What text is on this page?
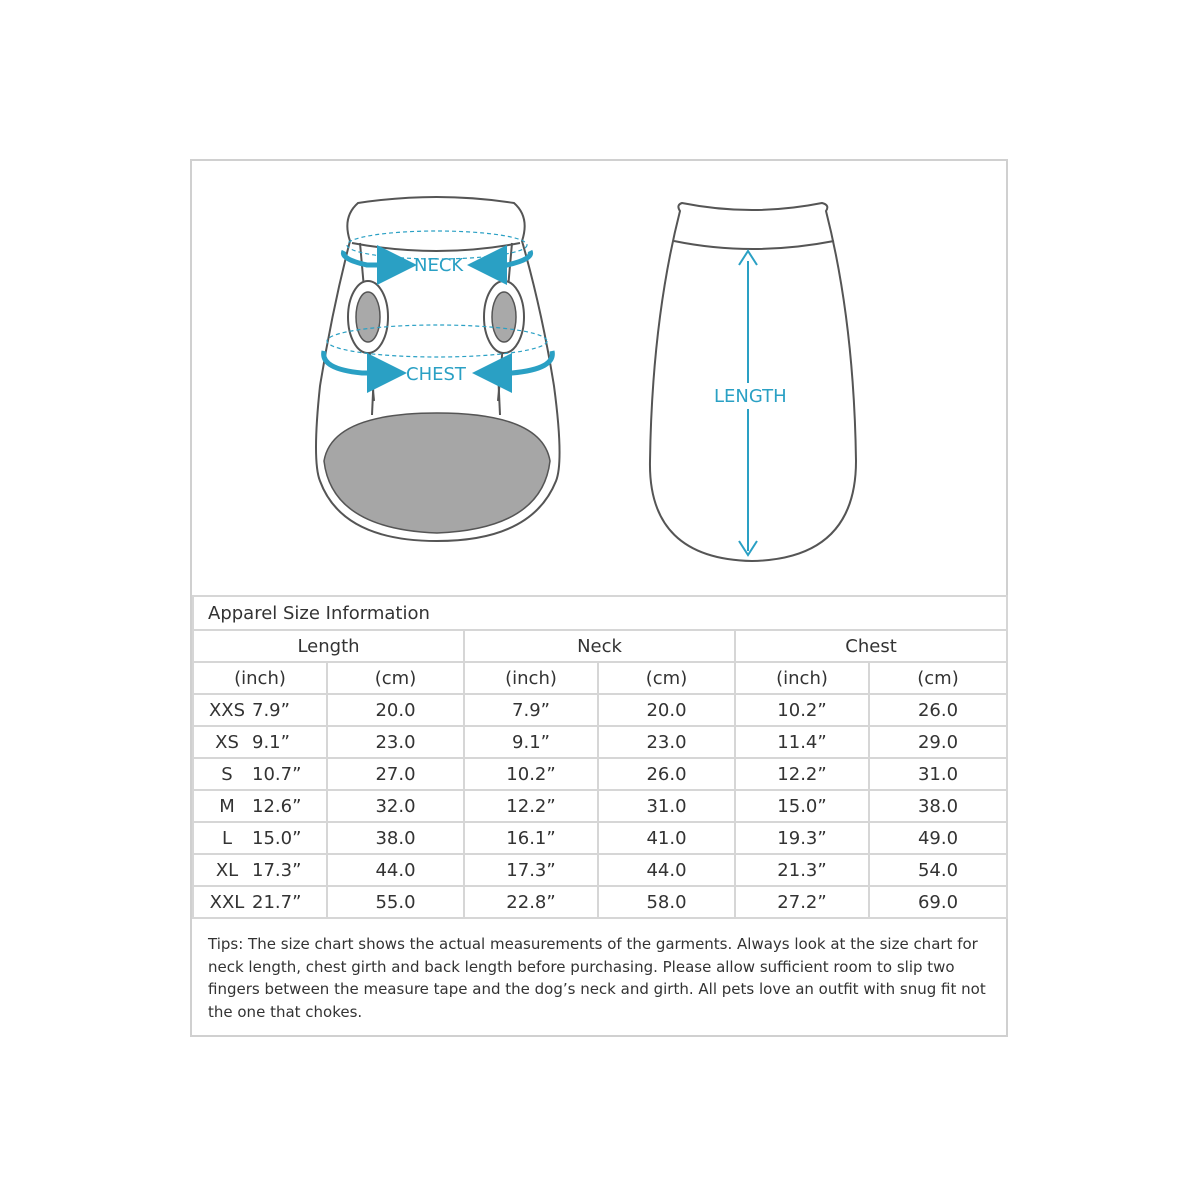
NECK
CHEST
LENGTH
Apparel Size Information					
Length		Neck		Chest	
(inch)	(cm)	(inch)	(cm)	(inch)	(cm)
XXS 7.9”	20.0	7.9”	20.0	10.2”	26.0
XS 9.1”	23.0	9.1”	23.0	11.4”	29.0
S 10.7”	27.0	10.2”	26.0	12.2”	31.0
M 12.6”	32.0	12.2”	31.0	15.0”	38.0
L 15.0”	38.0	16.1”	41.0	19.3”	49.0
XL 17.3”	44.0	17.3”	44.0	21.3”	54.0
XXL 21.7”	55.0	22.8”	58.0	27.2”	69.0
Tips: The size chart shows the actual measurements of the garments. Always look at the size chart for neck length, chest girth and back length before purchasing. Please allow sufficient room to slip two fingers between the measure tape and the dog’s neck and girth. All pets love an outfit with snug fit not the one that chokes.
